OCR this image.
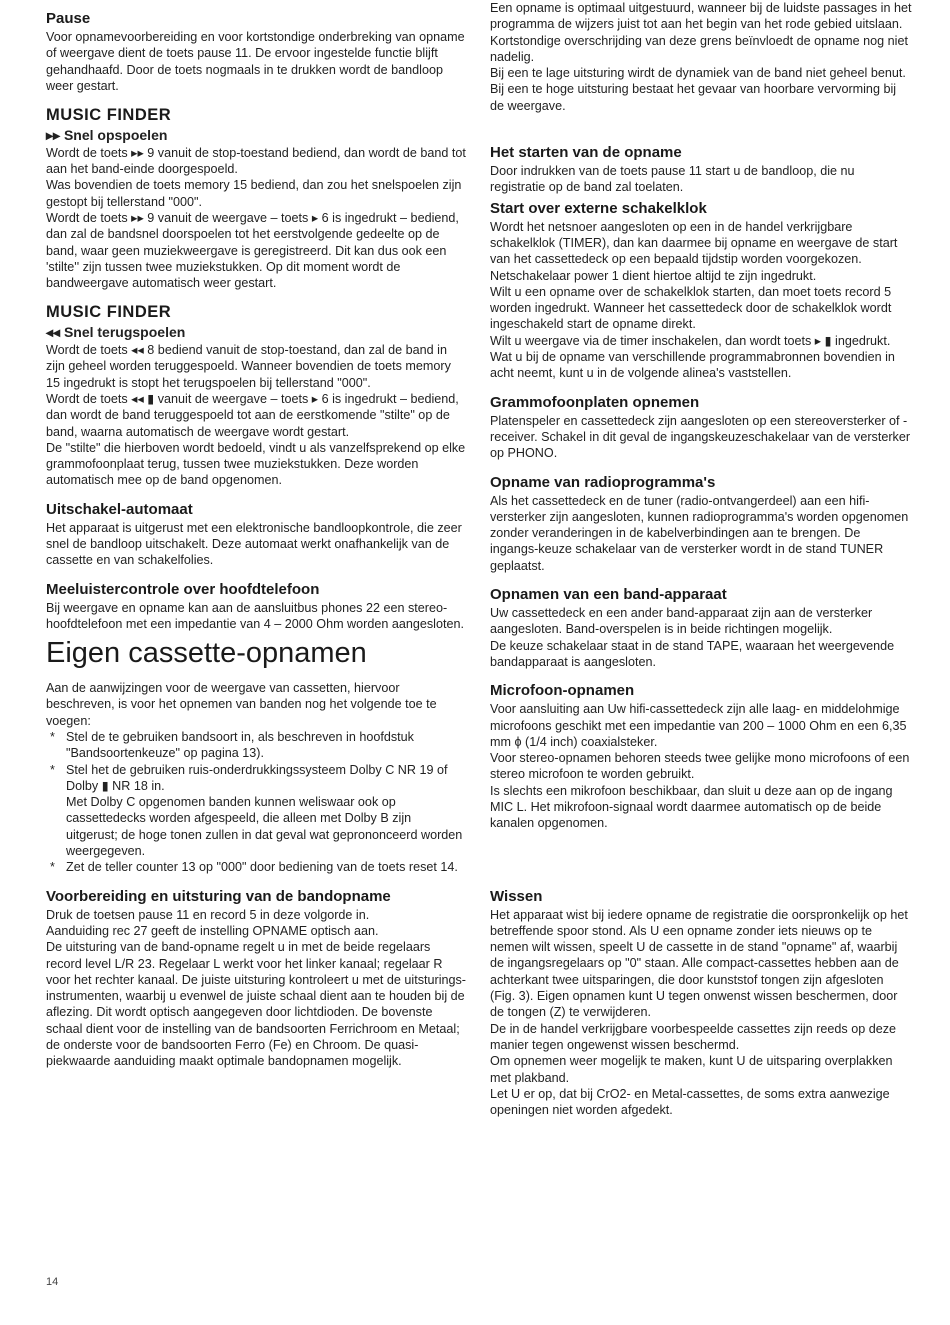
Pause

Voor opnamevoorbereiding en voor kortstondige onderbreking van opname of weergave dient de toets pause 11. De ervoor ingestelde functie blijft gehandhaafd. Door de toets nogmaals in te drukken wordt de bandloop weer gestart.

MUSIC FINDER
▸▸ Snel opspoelen

Wordt de toets ▸▸ 9 vanuit de stop-toestand bediend, dan wordt de band tot aan het band-einde doorgespoeld.

Was bovendien de toets memory 15 bediend, dan zou het snelspoelen zijn gestopt bij tellerstand "000".

Wordt de toets ▸▸ 9 vanuit de weergave – toets ▸ 6 is ingedrukt – bediend, dan zal de bandsnel doorspoelen tot het eerstvolgende gedeelte op de band, waar geen muziekweergave is geregistreerd. Dit kan dus ook een 'stilte'' zijn tussen twee muziekstukken. Op dit moment wordt de bandweergave automatisch weer gestart.

MUSIC FINDER
◂◂ Snel terugspoelen

Wordt de toets ◂◂ 8 bediend vanuit de stop-toestand, dan zal de band in zijn geheel worden teruggespoeld. Wanneer bovendien de toets memory 15 ingedrukt is stopt het terugspoelen bij tellerstand "000".

Wordt de toets ◂◂ ▮ vanuit de weergave – toets ▸ 6 is ingedrukt – bediend, dan wordt de band teruggespoeld tot aan de eerstkomende "stilte" op de band, waarna automatisch de weergave wordt gestart.

De "stilte" die hierboven wordt bedoeld, vindt u als vanzelfsprekend op elke grammofoonplaat terug, tussen twee muziekstukken. Deze worden automatisch mee op de band opgenomen.

Uitschakel-automaat

Het apparaat is uitgerust met een elektronische bandloopkontrole, die zeer snel de bandloop uitschakelt. Deze automaat werkt onafhankelijk van de cassette en van schakelfolies.

Meeluistercontrole over hoofdtelefoon

Bij weergave en opname kan aan de aansluitbus phones 22 een stereo-hoofdtelefoon met een impedantie van 4 – 2000 Ohm worden aangesloten.

Eigen cassette-opnamen

Aan de aanwijzingen voor de weergave van cassetten, hiervoor beschreven, is voor het opnemen van banden nog het volgende toe te voegen:

* Stel de te gebruiken bandsoort in, als beschreven in hoofdstuk "Bandsoortenkeuze" op pagina 13).
* Stel het de gebruiken ruis-onderdrukkingssysteem Dolby C NR 19 of Dolby ▮ NR 18 in.
Met Dolby C opgenomen banden kunnen weliswaar ook op cassettedecks worden afgespeeld, die alleen met Dolby B zijn uitgerust; de hoge tonen zullen in dat geval wat geprononceerd worden weergegeven.
* Zet de teller counter 13 op "000" door bediening van de toets reset 14.
Voorbereiding en uitsturing van de bandopname

Druk de toetsen pause 11 en record 5 in deze volgorde in.

Aanduiding rec 27 geeft de instelling OPNAME optisch aan.

De uitsturing van de band-opname regelt u in met de beide regelaars record level L/R 23. Regelaar L werkt voor het linker kanaal; regelaar R voor het rechter kanaal. De juiste uitsturing kontroleert u met de uitsturings-instrumenten, waarbij u evenwel de juiste schaal dient aan te houden bij de aflezing. Dit wordt optisch aangegeven door lichtdioden. De bovenste schaal dient voor de instelling van de bandsoorten Ferrichroom en Metaal; de onderste voor de bandsoorten Ferro (Fe) en Chroom. De quasi-piekwaarde aanduiding maakt optimale bandopnamen mogelijk.

14

Een opname is optimaal uitgestuurd, wanneer bij de luidste passages in het programma de wijzers juist tot aan het begin van het rode gebied uitslaan.

Kortstondige overschrijding van deze grens beïnvloedt de opname nog niet nadelig.

Bij een te lage uitsturing wirdt de dynamiek van de band niet geheel benut. Bij een te hoge uitsturing bestaat het gevaar van hoorbare vervorming bij de weergave.

Het starten van de opname

Door indrukken van de toets pause 11 start u de bandloop, die nu registratie op de band zal toelaten.

Start over externe schakelklok

Wordt het netsnoer aangesloten op een in de handel verkrijgbare schakelklok (TIMER), dan kan daarmee bij opname en weergave de start van het cassettedeck op een bepaald tijdstip worden voorgekozen. Netschakelaar power 1 dient hiertoe altijd te zijn ingedrukt.

Wilt u een opname over de schakelklok starten, dan moet toets record 5 worden ingedrukt. Wanneer het cassettedeck door de schakelklok wordt ingeschakeld start de opname direkt.

Wilt u weergave via de timer inschakelen, dan wordt toets ▸ ▮ ingedrukt.

Wat u bij de opname van verschillende programmabronnen bovendien in acht neemt, kunt u in de volgende alinea's vaststellen.

Grammofoonplaten opnemen

Platenspeler en cassettedeck zijn aangesloten op een stereoversterker of -receiver. Schakel in dit geval de ingangskeuzeschakelaar van de versterker op PHONO.

Opname van radioprogramma's

Als het cassettedeck en de tuner (radio-ontvangerdeel) aan een hifi-versterker zijn aangesloten, kunnen radioprogramma's worden opgenomen zonder veranderingen in de kabelverbindingen aan te brengen. De ingangs-keuze schakelaar van de versterker wordt in de stand TUNER geplaatst.

Opnamen van een band-apparaat

Uw cassettedeck en een ander band-apparaat zijn aan de versterker aangesloten. Band-overspelen is in beide richtingen mogelijk.

De keuze schakelaar staat in de stand TAPE, waaraan het weergevende bandapparaat is aangesloten.

Microfoon-opnamen

Voor aansluiting aan Uw hifi-cassettedeck zijn alle laag- en middelohmige microfoons geschikt met een impedantie van 200 – 1000 Ohm en een 6,35 mm ϕ (1/4 inch) coaxialsteker.

Voor stereo-opnamen behoren steeds twee gelijke mono microfoons of een stereo microfoon te worden gebruikt.

Is slechts een mikrofoon beschikbaar, dan sluit u deze aan op de ingang MIC L. Het mikrofoon-signaal wordt daarmee automatisch op de beide kanalen opgenomen.

Wissen

Het apparaat wist bij iedere opname de registratie die oorspronkelijk op het betreffende spoor stond. Als U een opname zonder iets nieuws op te nemen wilt wissen, speelt U de cassette in de stand "opname" af, waarbij de ingangsregelaars op "0" staan. Alle compact-cassettes hebben aan de achterkant twee uitsparingen, die door kunststof tongen zijn afgesloten (Fig. 3). Eigen opnamen kunt U tegen onwenst wissen beschermen, door de tongen (Z) te verwijderen.

De in de handel verkrijgbare voorbespeelde cassettes zijn reeds op deze manier tegen ongewenst wissen beschermd.

Om opnemen weer mogelijk te maken, kunt U de uitsparing overplakken met plakband.

Let U er op, dat bij CrO2- en Metal-cassettes, de soms extra aanwezige openingen niet worden afgedekt.
